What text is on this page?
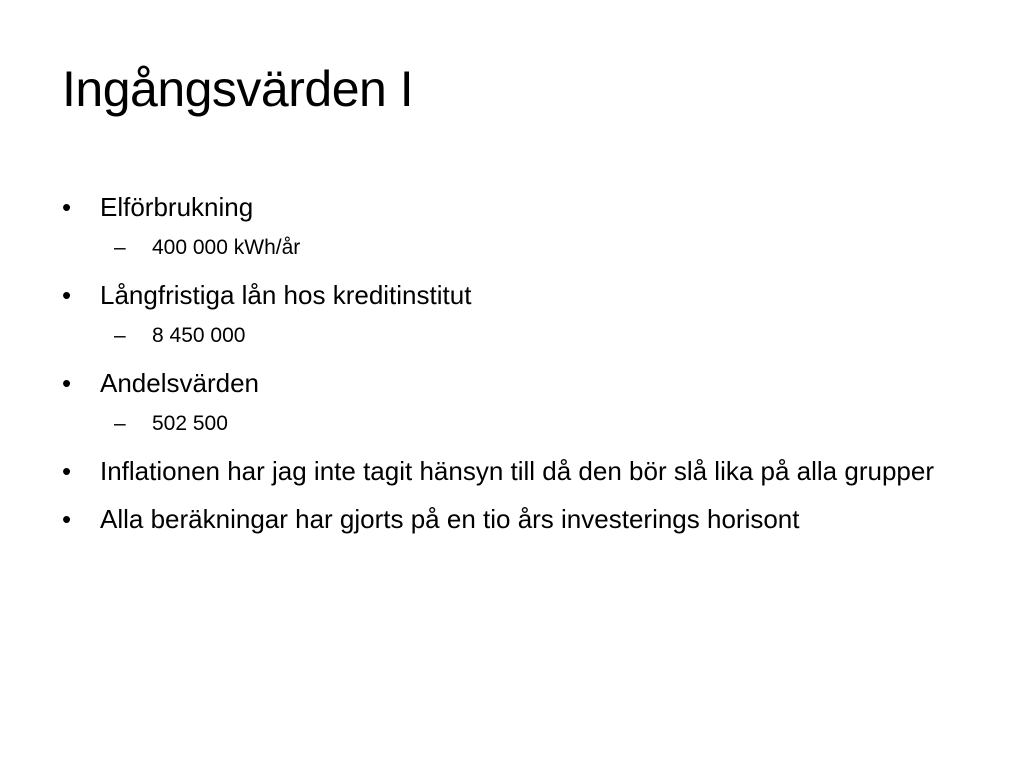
Ingångsvärden I
•	Elförbrukning
–	400 000 kWh/år
•	Långfristiga lån hos kreditinstitut
–	8 450 000
•	Andelsvärden
–	502 500
•	Inflationen har jag inte tagit hänsyn till då den bör slå lika på alla grupper
•	Alla beräkningar har gjorts på en tio års investerings horisont
